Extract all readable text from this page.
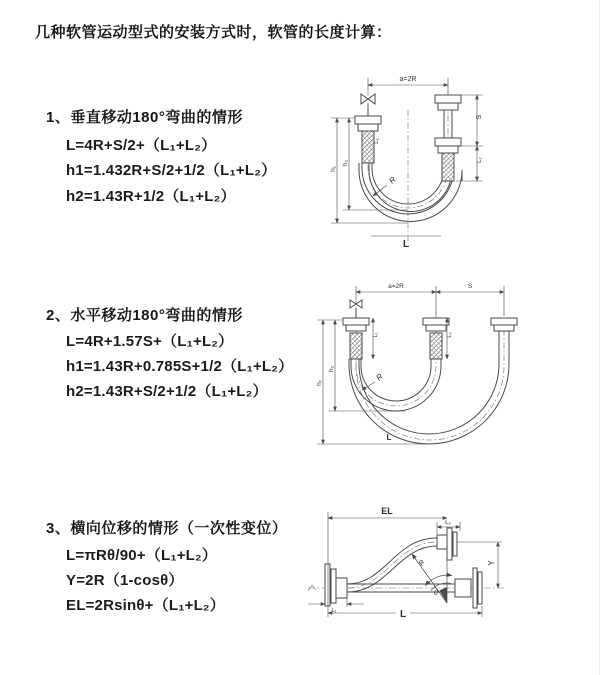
几种软管运动型式的安装方式时，软管的长度计算：
1、垂直移动180°弯曲的情形
L=4R+S/2+（L₁+L₂）
h1=1.432R+S/2+1/2（L₁+L₂）
h2=1.43R+1/2（L₁+L₂）
2、水平移动180°弯曲的情形
L=4R+1.57S+（L₁+L₂）
h1=1.43R+0.785S+1/2（L₁+L₂）
h2=1.43R+S/2+1/2（L₁+L₂）
3、横向位移的情形（一次性变位）
L=πRθ/90+（L₁+L₂）
Y=2R（1-cosθ）
EL=2Rsinθ+（L₁+L₂）
a=2R
h₁
h₂
S
L₂
L₁
R
L
a=2R	S
h₁
h₂
L₁	L₂
R
L
EL
L₂
Y
R
θ
L
L₁
